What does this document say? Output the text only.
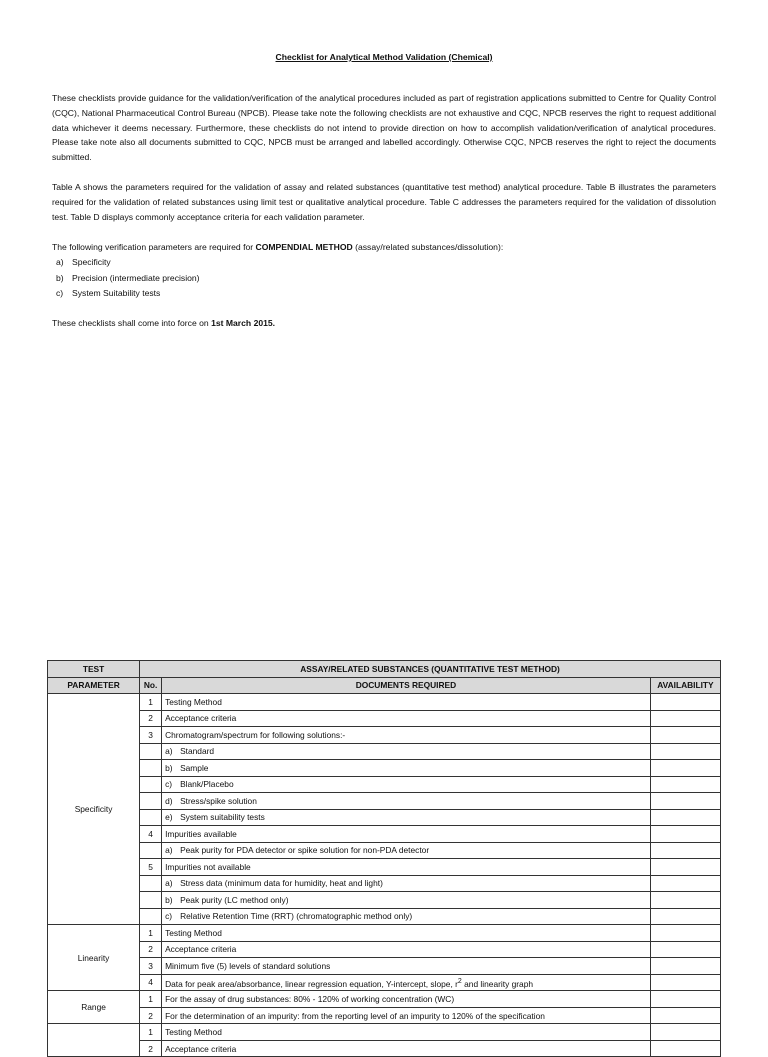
Checklist for Analytical Method Validation (Chemical)

These checklists provide guidance for the validation/verification of the analytical procedures included as part of registration applications submitted to Centre for Quality Control (CQC), National Pharmaceutical Control Bureau (NPCB). Please take note the following checklists are not exhaustive and CQC, NPCB reserves the right to request additional data whichever it deems necessary. Furthermore, these checklists do not intend to provide direction on how to accomplish validation/verification of analytical procedures. Please take note also all documents submitted to CQC, NPCB must be arranged and labelled accordingly. Otherwise CQC, NPCB reserves the right to reject the documents submitted.

Table A shows the parameters required for the validation of assay and related substances (quantitative test method) analytical procedure. Table B illustrates the parameters required for the validation of related substances using limit test or qualitative analytical procedure. Table C addresses the parameters required for the validation of dissolution test. Table D displays commonly acceptance criteria for each validation parameter.

The following verification parameters are required for COMPENDIAL METHOD (assay/related substances/dissolution):

a) Specificity
b) Precision (intermediate precision)
c) System Suitability tests

These checklists shall come into force on 1st March 2015.

TEST	ASSAY/RELATED SUBSTANCES (QUANTITATIVE TEST METHOD)		
PARAMETER	No.	DOCUMENTS REQUIRED	AVAILABILITY
Specificity	1	Testing Method	
	2	Acceptance criteria	
	3	Chromatogram/spectrum for following solutions:-	
		a) Standard	
		b) Sample	
		c) Blank/Placebo	
		d) Stress/spike solution	
		e) System suitability tests	
	4	Impurities available	
		a) Peak purity for PDA detector or spike solution for non-PDA detector	
	5	Impurities not available	
		a) Stress data (minimum data for humidity, heat and light)	
		b) Peak purity (LC method only)	
		c) Relative Retention Time (RRT) (chromatographic method only)	
Linearity	1	Testing Method	
	2	Acceptance criteria	
	3	Minimum five (5) levels of standard solutions	
	4	Data for peak area/absorbance, linear regression equation, Y-intercept, slope, $r^2$ and linearity graph	
Range	1	For the assay of drug substances: 80% - 120% of working concentration (WC)	
	2	For the determination of an impurity: from the reporting level of an impurity to 120% of the specification	
	1	Testing Method	
	2	Acceptance criteria	
